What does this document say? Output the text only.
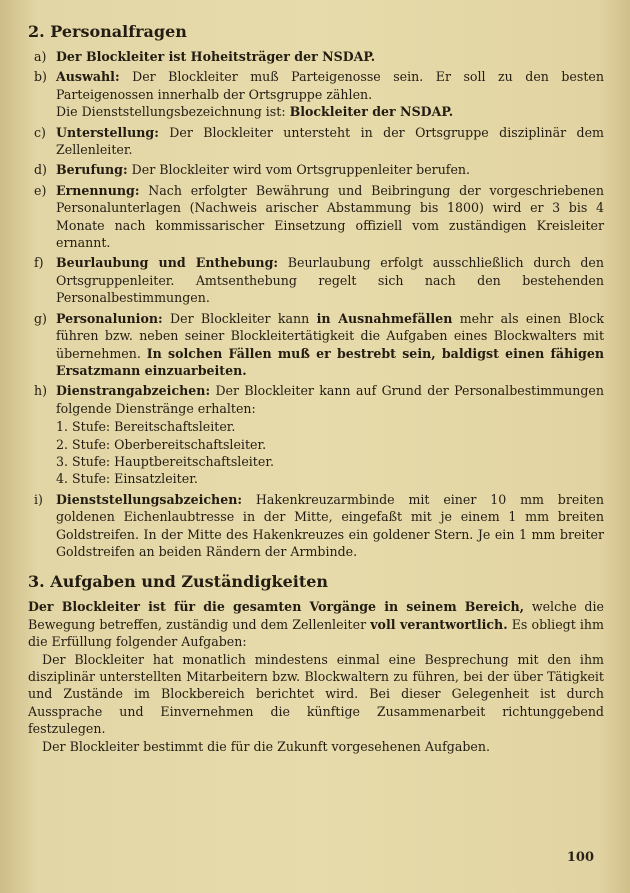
2. Personalfragen
a) Der Blockleiter ist Hoheitsträger der NSDAP.

b) Auswahl: Der Blockleiter muß Parteigenosse sein. Er soll zu den besten Parteigenossen innerhalb der Ortsgruppe zählen.

Die Dienststellungsbezeichnung ist: Blockleiter der NSDAP.

c) Unterstellung: Der Blockleiter untersteht in der Ortsgruppe disziplinär dem Zellenleiter.

d) Berufung: Der Blockleiter wird vom Ortsgruppenleiter berufen.

e) Ernennung: Nach erfolgter Bewährung und Beibringung der vorgeschriebenen Personalunterlagen (Nachweis arischer Abstammung bis 1800) wird er 3 bis 4 Monate nach kommissarischer Einsetzung offiziell vom zuständigen Kreisleiter ernannt.

f) Beurlaubung und Enthebung: Beurlaubung erfolgt ausschließlich durch den Ortsgruppenleiter. Amtsenthebung regelt sich nach den bestehenden Personalbestimmungen.

g) Personalunion: Der Blockleiter kann in Ausnahmefällen mehr als einen Block führen bzw. neben seiner Blockleitertätigkeit die Aufgaben eines Blockwalters mit übernehmen. In solchen Fällen muß er bestrebt sein, baldigst einen fähigen Ersatzmann einzuarbeiten.

h) Dienstrangabzeichen: Der Blockleiter kann auf Grund der Personalbestimmungen folgende Dienstränge erhalten:

1. Stufe: Bereitschaftsleiter.
2. Stufe: Oberbereitschaftsleiter.
3. Stufe: Hauptbereitschaftsleiter.
4. Stufe: Einsatzleiter.
i) Dienststellungsabzeichen: Hakenkreuzarmbinde mit einer 10 mm breiten goldenen Eichenlaubtresse in der Mitte, eingefaßt mit je einem 1 mm breiten Goldstreifen. In der Mitte des Hakenkreuzes ein goldener Stern. Je ein 1 mm breiter Goldstreifen an beiden Rändern der Armbinde.

3. Aufgaben und Zuständigkeiten

Der Blockleiter ist für die gesamten Vorgänge in seinem Bereich, welche die Bewegung betreffen, zuständig und dem Zellenleiter voll verantwortlich. Es obliegt ihm die Erfüllung folgender Aufgaben:

Der Blockleiter hat monatlich mindestens einmal eine Besprechung mit den ihm disziplinär unterstellten Mitarbeitern bzw. Blockwaltern zu führen, bei der über Tätigkeit und Zustände im Blockbereich berichtet wird. Bei dieser Gelegenheit ist durch Aussprache und Einvernehmen die künftige Zusammenarbeit richtunggebend festzulegen.

Der Blockleiter bestimmt die für die Zukunft vorgesehenen Aufgaben.

100
